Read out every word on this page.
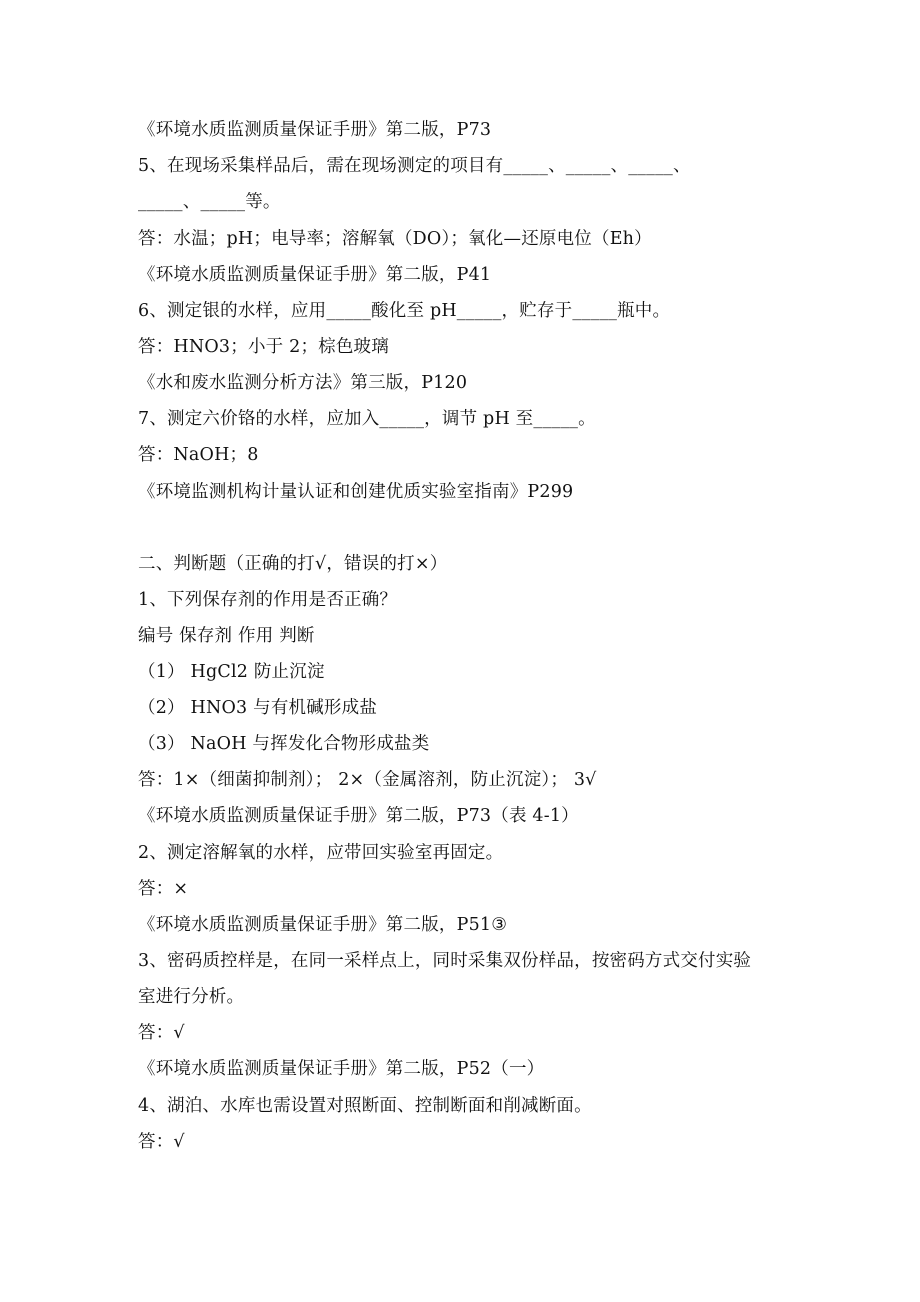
《环境水质监测质量保证手册》第二版，P73
5、在现场采集样品后，需在现场测定的项目有_____、_____、_____、
_____、_____等。
答：水温；pH；电导率；溶解氧（DO）；氧化—还原电位（Eh）
《环境水质监测质量保证手册》第二版，P41
6、测定银的水样，应用_____酸化至 pH_____，贮存于_____瓶中。
答：HNO3；小于 2；棕色玻璃
《水和废水监测分析方法》第三版，P120
7、测定六价铬的水样，应加入_____，调节 pH 至_____。
答：NaOH；8
《环境监测机构计量认证和创建优质实验室指南》P299
二、判断题（正确的打√，错误的打×）
1、下列保存剂的作用是否正确？
编号 保存剂 作用 判断
（1） HgCl2 防止沉淀
（2） HNO3 与有机碱形成盐
（3） NaOH 与挥发化合物形成盐类
答：1×（细菌抑制剂）； 2×（金属溶剂，防止沉淀）； 3√
《环境水质监测质量保证手册》第二版，P73（表 4-1）
2、测定溶解氧的水样，应带回实验室再固定。
答：×
《环境水质监测质量保证手册》第二版，P51③
3、密码质控样是，在同一采样点上，同时采集双份样品，按密码方式交付实验
室进行分析。
答：√
《环境水质监测质量保证手册》第二版，P52（一）
4、湖泊、水库也需设置对照断面、控制断面和削减断面。
答：√
